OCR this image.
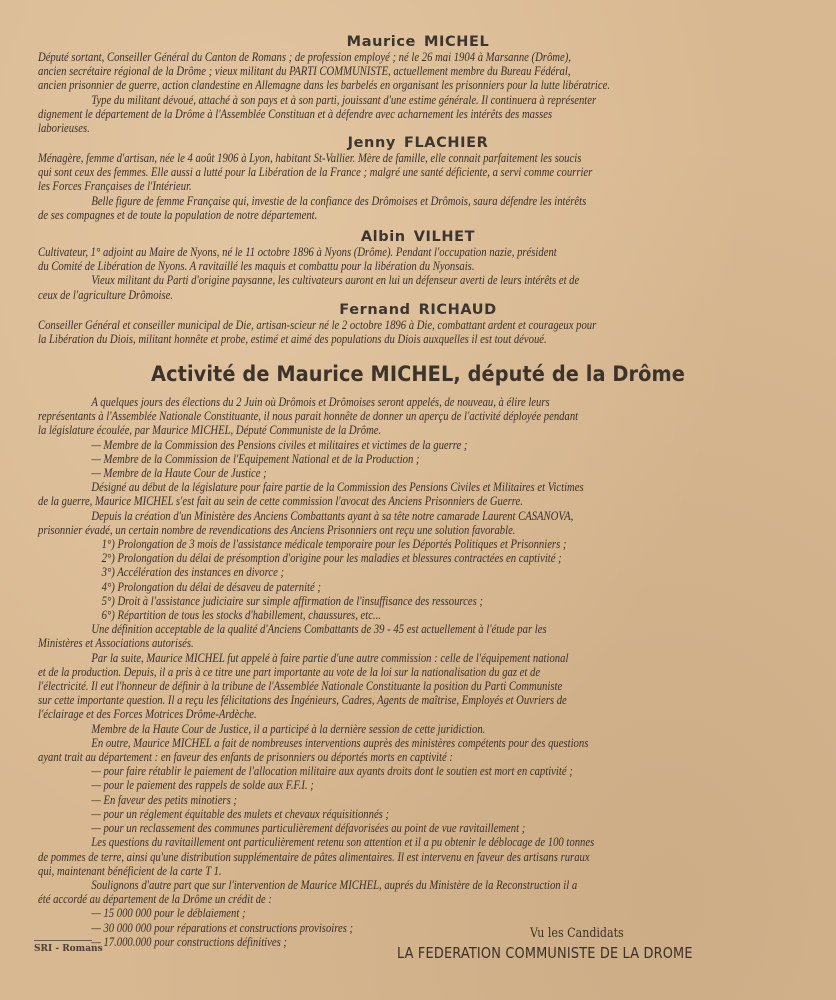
Maurice MICHEL
Député sortant, Conseiller Général du Canton de Romans ; de profession employé ; né le 26 mai 1904 à Marsanne (Drôme),
ancien secrétaire régional de la Drôme ; vieux militant du PARTI COMMUNISTE, actuellement membre du Bureau Fédéral,
ancien prisonnier de guerre, action clandestine en Allemagne dans les barbelés en organisant les prisonniers pour la lutte libératrice.
Type du militant dévoué, attaché à son pays et à son parti, jouissant d'une estime générale. Il continuera à représenter
dignement le département de la Drôme à l'Assemblée Constituan et à défendre avec acharnement les intérêts des masses
laborieuses.
Jenny FLACHIER
Ménagère, femme d'artisan, née le 4 août 1906 à Lyon, habitant St-Vallier. Mère de famille, elle connait parfaitement les soucis
qui sont ceux des femmes. Elle aussi a lutté pour la Libération de la France ; malgré une santé déficiente, a servi comme courrier
les Forces Françaises de l'Intérieur.
Belle figure de femme Française qui, investie de la confiance des Drômoises et Drômois, saura défendre les intérêts
de ses compagnes et de toute la population de notre département.
Albin VILHET
Cultivateur, 1° adjoint au Maire de Nyons, né le 11 octobre 1896 à Nyons (Drôme). Pendant l'occupation nazie, président
du Comité de Libération de Nyons. A ravitaillé les maquis et combattu pour la libération du Nyonsais.
Vieux militant du Parti d'origine paysanne, les cultivateurs auront en lui un défenseur averti de leurs intérêts et de
ceux de l'agriculture Drômoise.
Fernand RICHAUD
Conseiller Général et conseiller municipal de Die, artisan-scieur né le 2 octobre 1896 à Die, combattant ardent et courageux pour
la Libération du Diois, militant honnête et probe, estimé et aimé des populations du Diois auxquelles il est tout dévoué.
Activité de Maurice MICHEL, député de la Drôme
A quelques jours des élections du 2 Juin où Drômois et Drômoises seront appelés, de nouveau, à élire leurs
représentants à l'Assemblée Nationale Constituante, il nous parait honnête de donner un aperçu de l'activité déployée pendant
la législature écoulée, par Maurice MICHEL, Député Communiste de la Drôme.
— Membre de la Commission des Pensions civiles et militaires et victimes de la guerre ;
— Membre de la Commission de l'Equipement National et de la Production ;
— Membre de la Haute Cour de Justice ;
Désigné au début de la législature pour faire partie de la Commission des Pensions Civiles et Militaires et Victimes
de la guerre, Maurice MICHEL s'est fait au sein de cette commission l'avocat des Anciens Prisonniers de Guerre.
Depuis la création d'un Ministère des Anciens Combattants ayant à sa tête notre camarade Laurent CASANOVA,
prisonnier évadé, un certain nombre de revendications des Anciens Prisonniers ont reçu une solution favorable.
1°) Prolongation de 3 mois de l'assistance médicale temporaire pour les Déportés Politiques et Prisonniers ;
2°) Prolongation du délai de présomption d'origine pour les maladies et blessures contractées en captivité ;
3°) Accélération des instances en divorce ;
4°) Prolongation du délai de désaveu de paternité ;
5°) Droit à l'assistance judiciaire sur simple affirmation de l'insuffisance des ressources ;
6°) Répartition de tous les stocks d'habillement, chaussures, etc...
Une définition acceptable de la qualité d'Anciens Combattants de 39 - 45 est actuellement à l'étude par les
Ministères et Associations autorisés.
Par la suite, Maurice MICHEL fut appelé à faire partie d'une autre commission : celle de l'équipement national
et de la production. Depuis, il a pris à ce titre une part importante au vote de la loi sur la nationalisation du gaz et de
l'électricité. Il eut l'honneur de définir à la tribune de l'Assemblée Nationale Constituante la position du Parti Communiste
sur cette importante question. Il a reçu les félicitations des Ingénieurs, Cadres, Agents de maîtrise, Employés et Ouvriers de
l'éclairage et des Forces Motrices Drôme-Ardèche.
Membre de la Haute Cour de Justice, il a participé à la dernière session de cette juridiction.
En outre, Maurice MICHEL a fait de nombreuses interventions auprès des ministères compétents pour des questions
ayant trait au département : en faveur des enfants de prisonniers ou déportés morts en captivité :
— pour faire rétablir le paiement de l'allocation militaire aux ayants droits dont le soutien est mort en captivité ;
— pour le paiement des rappels de solde aux F.F.I. ;
— En faveur des petits minotiers ;
— pour un réglement équitable des mulets et chevaux réquisitionnés ;
— pour un reclassement des communes particulièrement défavorisées au point de vue ravitaillement ;
Les questions du ravitaillement ont particulièrement retenu son attention et il a pu obtenir le déblocage de 100 tonnes
de pommes de terre, ainsi qu'une distribution supplémentaire de pâtes alimentaires. Il est intervenu en faveur des artisans ruraux
qui, maintenant bénéficient de la carte T 1.
Soulignons d'autre part que sur l'intervention de Maurice MICHEL, auprés du Ministère de la Reconstruction il a
été accordé au département de la Drôme un crédit de :
— 15 000 000 pour le déblaiement ;
— 30 000 000 pour réparations et constructions provisoires ;
— 17.000.000 pour constructions définitives ;
SRI - Romans
Vu les Candidats
LA FEDERATION COMMUNISTE DE LA DROME
